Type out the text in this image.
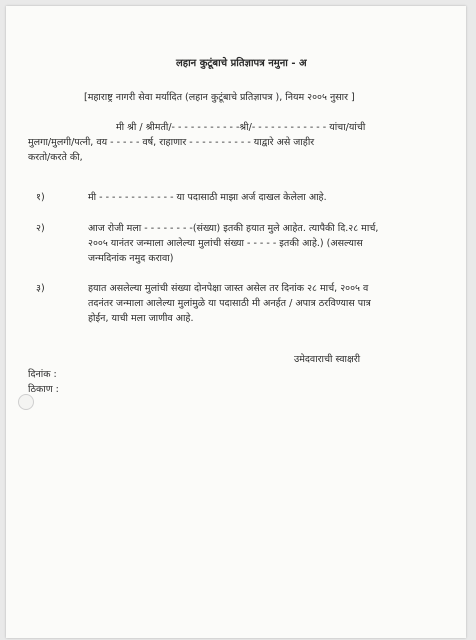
लहान कुटूंबाचे प्रतिज्ञापत्र नमुना - अ
[महाराष्ट्र नागरी सेवा मर्यादित (लहान कुटूंबाचे प्रतिज्ञापत्र ), नियम २००५ नुसार ]
मी श्री / श्रीमती/- - - - - - - - - - -श्री/- - - - - - - - - - - - यांचा/यांची
मुलगा/मुलगी/पत्नी, वय - - - - - वर्ष, राहाणार - - - - - - - - - - याद्वारे असे जाहीर
करतो/करते की,
१)	मी - - - - - - - - - - - - या पदासाठी माझा अर्ज दाखल केलेला आहे.
२)	आज रोजी मला - - - - - - - -(संख्या) इतकी हयात मुले आहेत. त्यापैकी दि.२८ मार्च,
२००५ यानंतर जन्माला आलेल्या मुलांची संख्या - - - - - इतकी आहे.) (असल्यास
जन्मदिनांक नमुद करावा)
३)	हयात असलेल्या मुलांची संख्या दोनपेक्षा जास्त असेल तर दिनांक २८ मार्च, २००५ व
तदनंतर जन्माला आलेल्या मुलांमुळे या पदासाठी मी अनर्हत / अपात्र ठरविण्यास पात्र
होईन, याची मला जाणीव आहे.
उमेदवाराची स्वाक्षरी
दिनांक :
ठिकाण :
